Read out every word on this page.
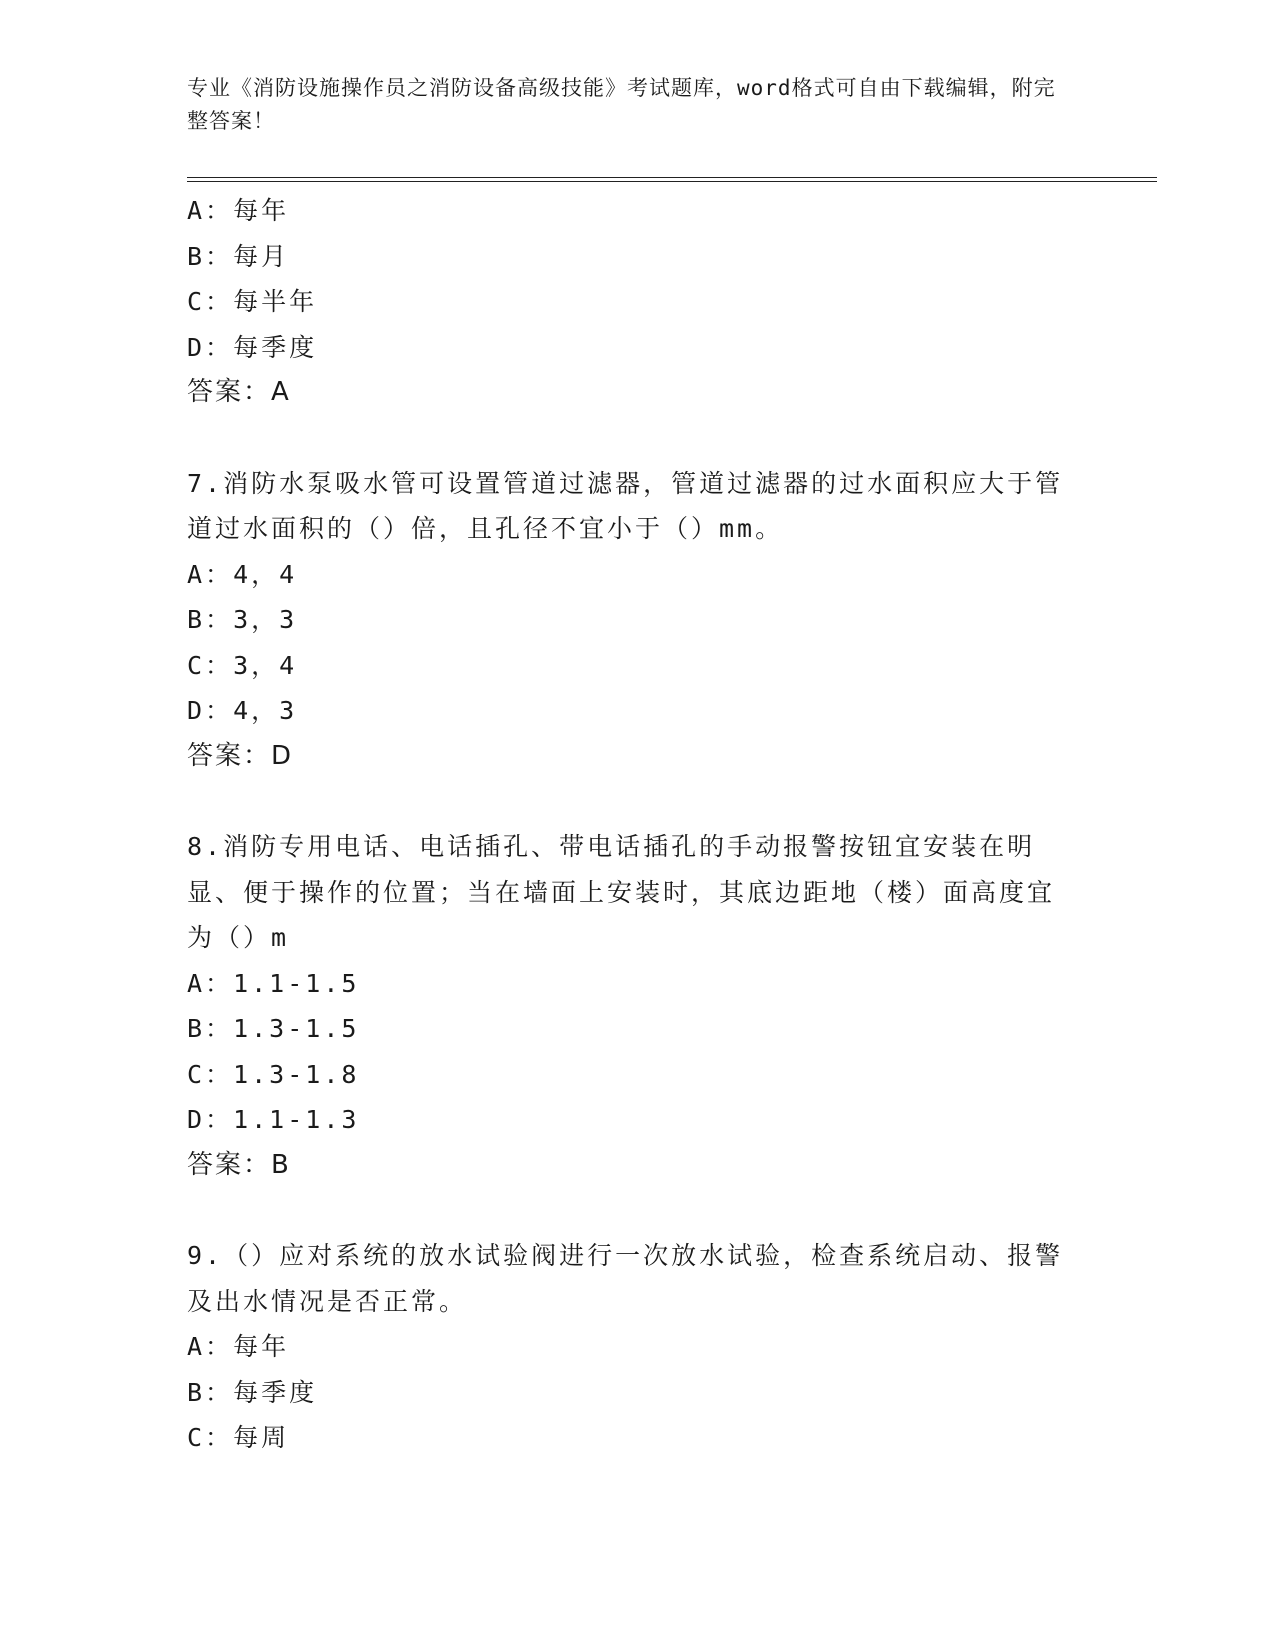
专业《消防设施操作员之消防设备高级技能》考试题库，word格式可自由下载编辑，附完整答案！
A：每年
B：每月
C：每半年
D：每季度
答案：A
7.消防水泵吸水管可设置管道过滤器，管道过滤器的过水面积应大于管道过水面积的（）倍，且孔径不宜小于（）mm。
A：4，4
B：3，3
C：3，4
D：4，3
答案：D
8.消防专用电话、电话插孔、带电话插孔的手动报警按钮宜安装在明显、便于操作的位置；当在墙面上安装时，其底边距地（楼）面高度宜为（）m
A：1.1-1.5
B：1.3-1.5
C：1.3-1.8
D：1.1-1.3
答案：B
9.（）应对系统的放水试验阀进行一次放水试验，检查系统启动、报警及出水情况是否正常。
A：每年
B：每季度
C：每周
